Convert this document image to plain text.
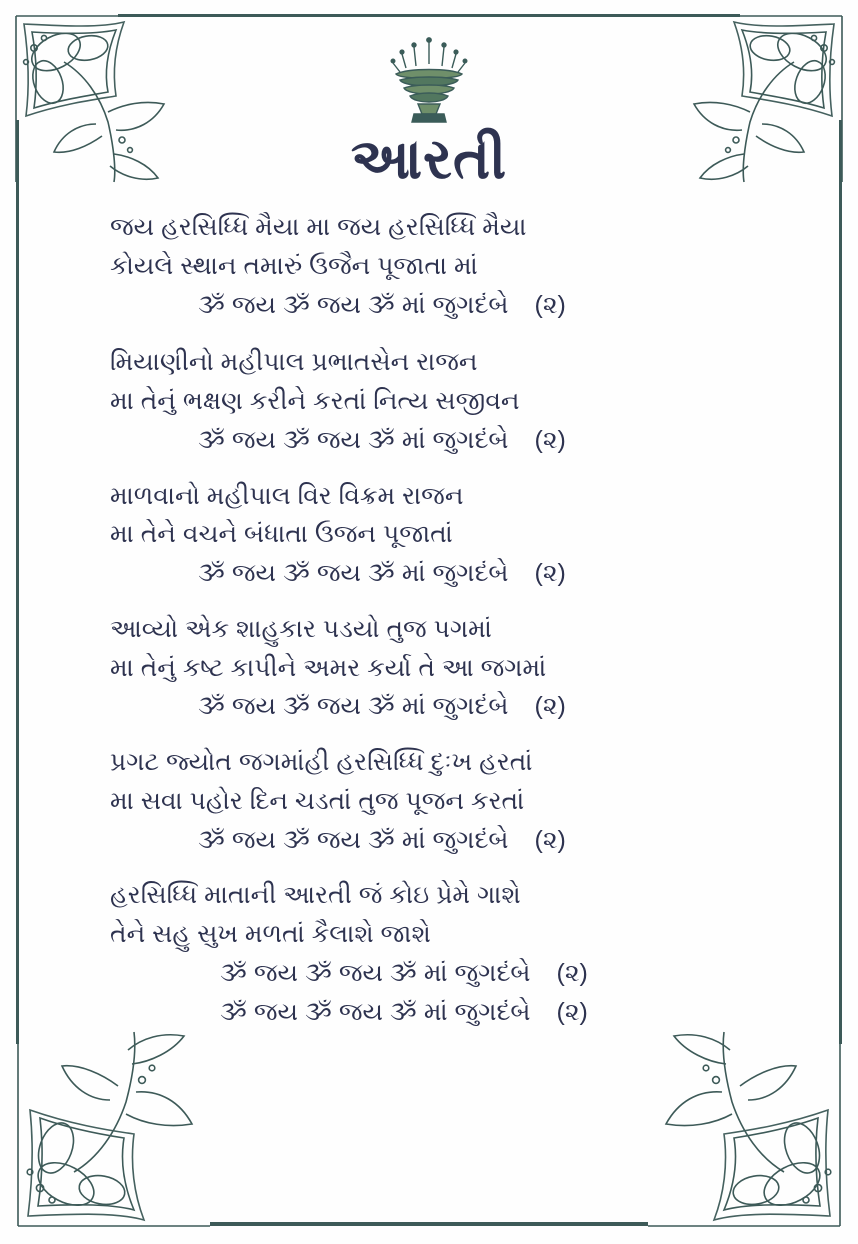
આરતી
જય હરસિધ્ધિ મૈયા મા જય હરસિધ્ધિ મૈયા
કોયલે સ્થાન તમારું ઉજૈન પૂજાતા માં
ૐ જય ૐ જય ૐ માં જુગદંબે (૨)
મિયાણીનો મહીપાલ પ્રભાતસેન રાજન
મા તેનું ભક્ષણ કરીને કરતાં નિત્ય સજીવન
ૐ જય ૐ જય ૐ માં જુગદંબે (૨)
માળવાનો મહીપાલ વિર વિક્રમ રાજન
મા તેને વચને બંધાતા ઉજન પૂજાતાં
ૐ જય ૐ જય ૐ માં જુગદંબે (૨)
આવ્યો એક શાહુકાર પડયો તુજ પગમાં
મા તેનું કષ્ટ કાપીને અમર કર્યા તે આ જગમાં
ૐ જય ૐ જય ૐ માં જુગદંબે (૨)
પ્રગટ જ્યોત જગમાંહી હરસિધ્ધિ દુઃખ હરતાં
મા સવા પહોર દિન ચડતાં તુજ પૂજન કરતાં
ૐ જય ૐ જય ૐ માં જુગદંબે (૨)
હરસિધ્ધિ માતાની આરતી જં કોઇ પ્રેમે ગાશે
તેને સહુ સુખ મળતાં કૈલાશે જાશે
ૐ જય ૐ જય ૐ માં જુગદંબે (૨)
ૐ જય ૐ જય ૐ માં જુગદંબે (૨)
